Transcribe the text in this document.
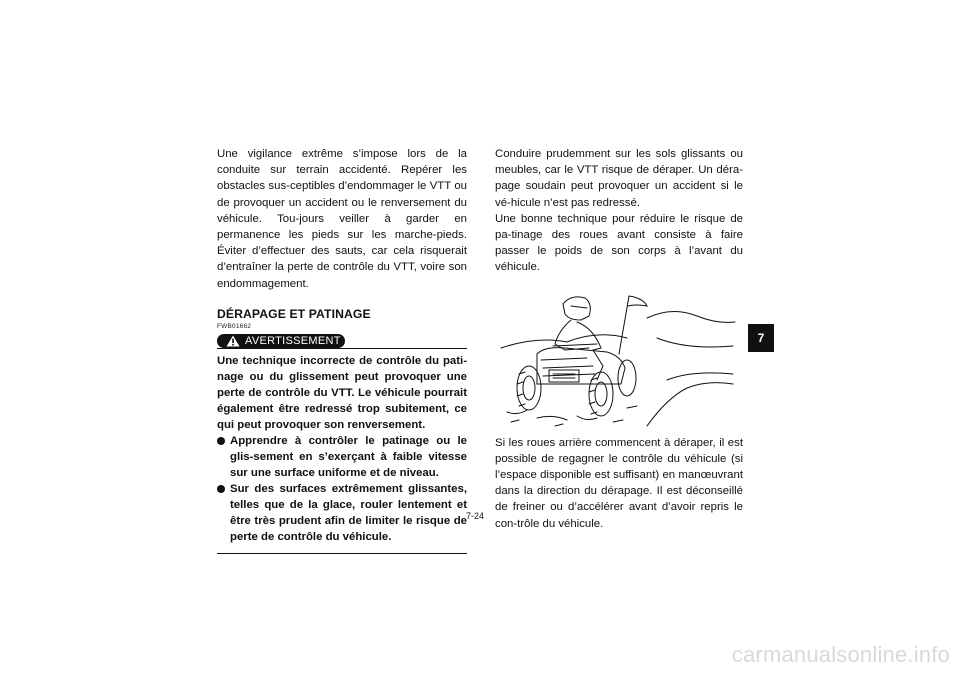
Une vigilance extrême s’impose lors de la conduite sur terrain accidenté. Repérer les obstacles sus-ceptibles d’endommager le VTT ou de provoquer un accident ou le renversement du véhicule. Tou-jours veiller à garder en permanence les pieds sur les marche-pieds. Éviter d’effectuer des sauts, car cela risquerait d’entraîner la perte de contrôle du VTT, voire son endommagement.

DÉRAPAGE ET PATINAGE
FWB01662
AVERTISSEMENT

Une technique incorrecte de contrôle du pati-nage ou du glissement peut provoquer une perte de contrôle du VTT. Le véhicule pourrait également être redressé trop subitement, ce qui peut provoquer son renversement.

Apprendre à contrôler le patinage ou le glis-sement en s’exerçant à faible vitesse sur une surface uniforme et de niveau.
Sur des surfaces extrêmement glissantes, telles que de la glace, rouler lentement et être très prudent afin de limiter le risque de perte de contrôle du véhicule.

Conduire prudemment sur les sols glissants ou meubles, car le VTT risque de déraper. Un déra-page soudain peut provoquer un accident si le vé-hicule n’est pas redressé.

Une bonne technique pour réduire le risque de pa-tinage des roues avant consiste à faire passer le poids de son corps à l’avant du véhicule.

Si les roues arrière commencent à déraper, il est possible de regagner le contrôle du véhicule (si l’espace disponible est suffisant) en manœuvrant dans la direction du dérapage. Il est déconseillé de freiner ou d’accélérer avant d’avoir repris le con-trôle du véhicule.

7
7-24
carmanualsonline.info
